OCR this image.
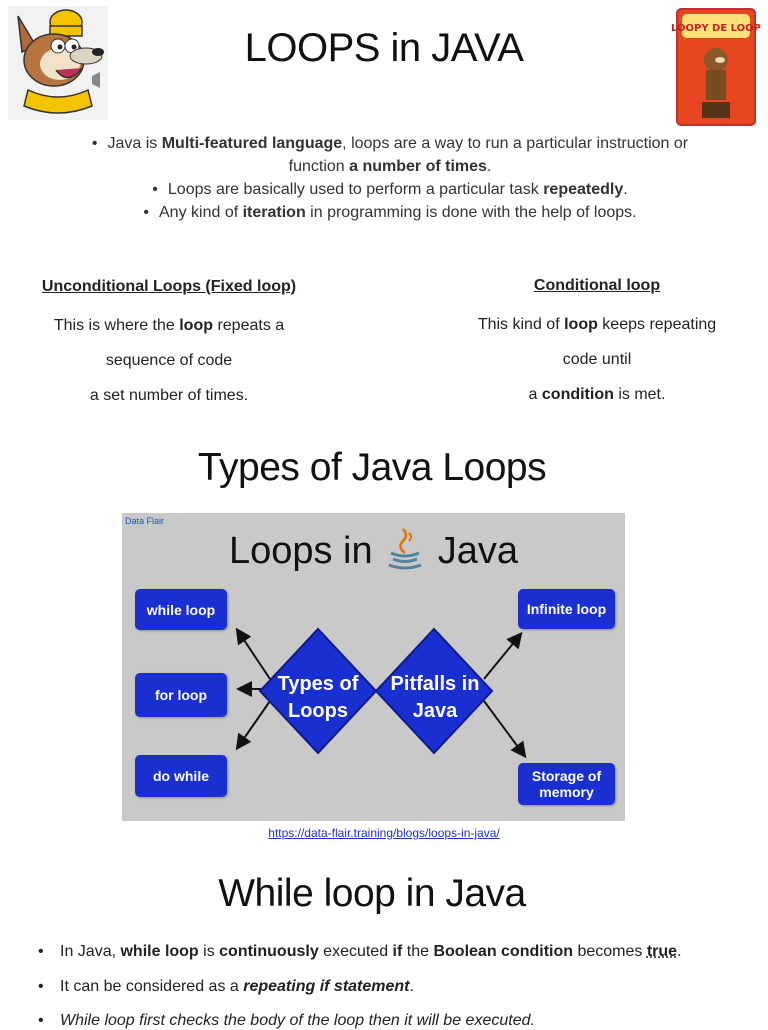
LOOPY DE LOOP
LOOPS in JAVA

• Java is Multi-featured language, loops are a way to run a particular instruction or

function a number of times.

• Loops are basically used to perform a particular task repeatedly.

• Any kind of iteration in programming is done with the help of loops.

Unconditional Loops (Fixed loop)
This is where the loop repeats a
sequence of code
a set number of times.
Conditional loop
This kind of loop keeps repeating
code until
a condition is met.
Types of Java Loops
Data Flair
Loops in Java
while loop
for loop
do while
Infinite loop
Storage of memory
Types of
Loops
Pitfalls in
Java
https://data-flair.training/blogs/loops-in-java/
While loop in Java
• In Java, while loop is continuously executed if the Boolean condition becomes true.
• It can be considered as a repeating if statement.
• While loop first checks the body of the loop then it will be executed.
